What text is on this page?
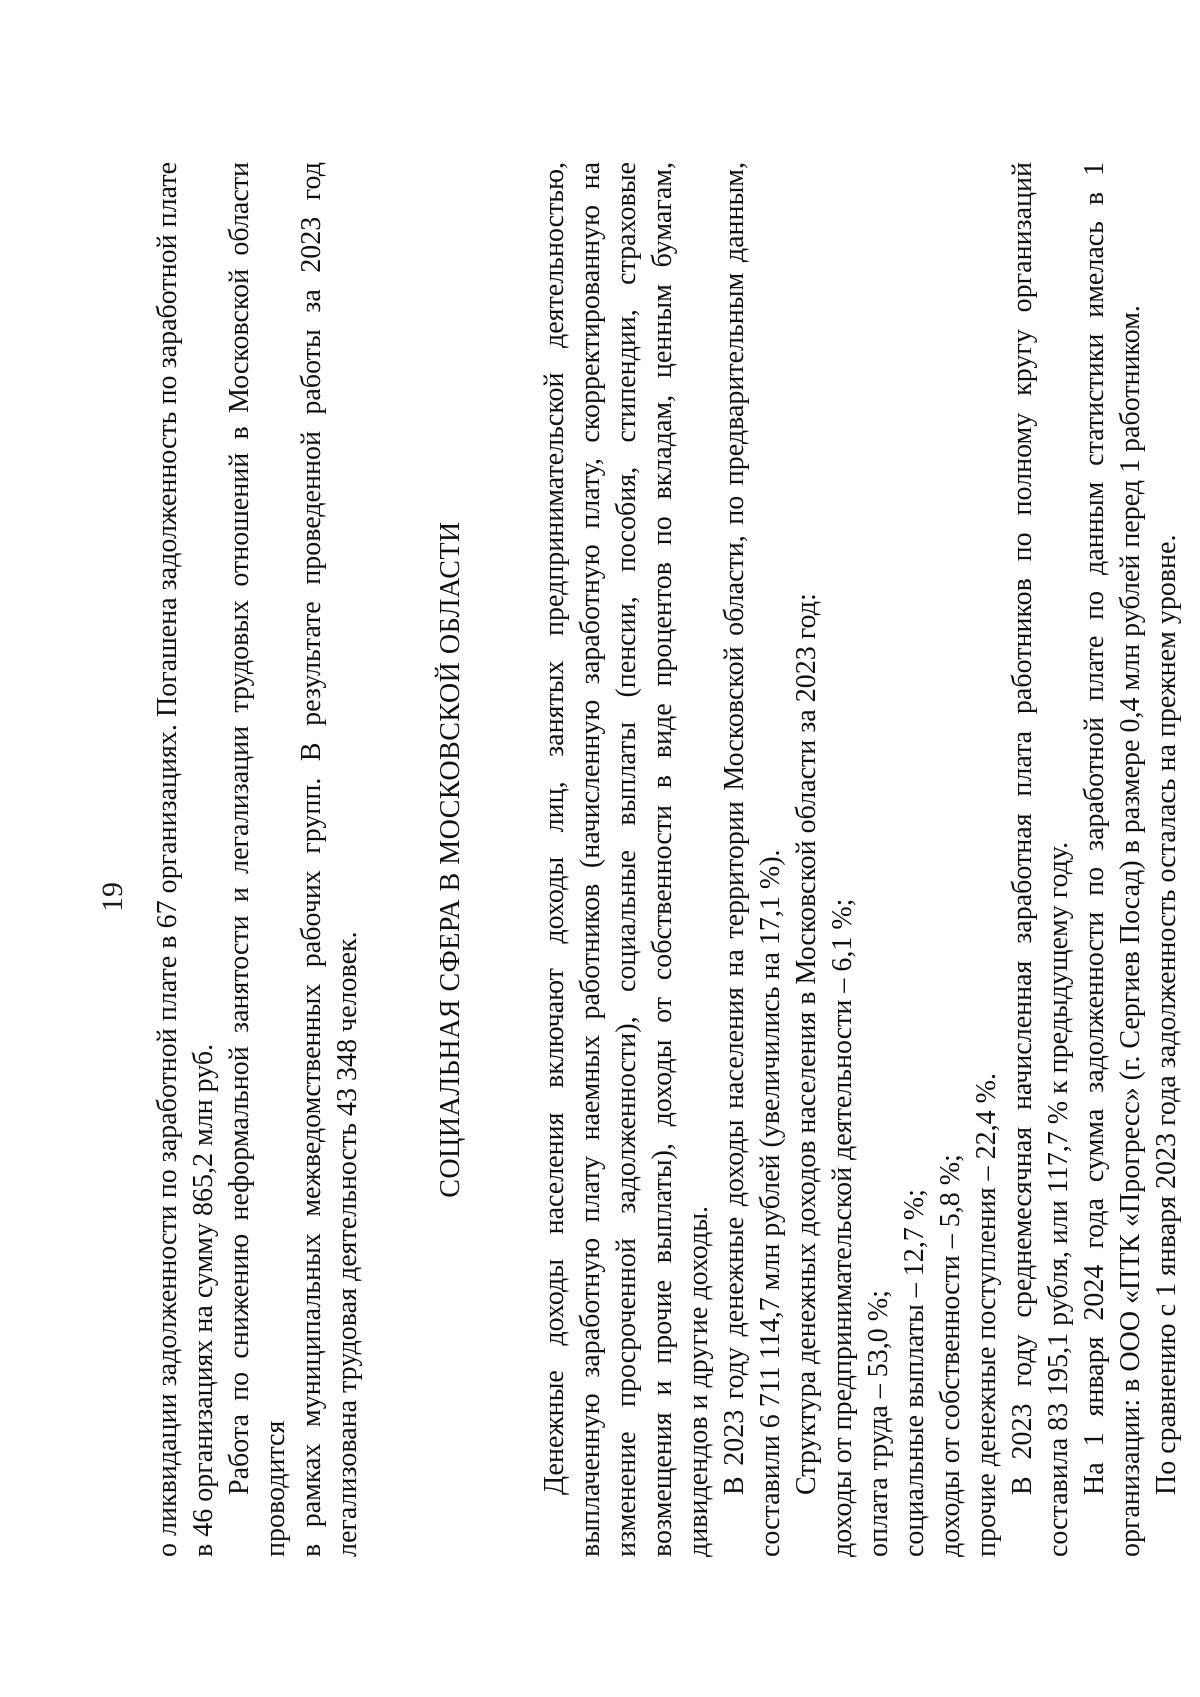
19 о ликвидации задолженности по заработной плате в 67 организациях. Погашена задолженность по заработной плате в 46 организациях на сумму 865,2 млн руб. Работа по снижению неформальной занятости и легализации трудовых отношений в Московской области проводится в рамках муниципальных межведомственных рабочих групп. В результате проведенной работы за 2023 год легализована трудовая деятельность 43 348 человек.

СОЦИАЛЬНАЯ СФЕРА В МОСКОВСКОЙ ОБЛАСТИ	Денежные доходы населения включают доходы лиц, занятых предпринимательской деятельностью, выплаченную заработную плату наемных работников (начисленную заработную плату, скорректированную на изменение просроченной задолженности), социальные выплаты (пенсии, пособия, стипендии, страховые возмещения и прочие выплаты), доходы от собственности в виде процентов по вкладам, ценным бумагам, дивидендов и другие доходы. В 2023 году денежные доходы населения на территории Московской области, по предварительным данным, составили 6 711 114,7 млн рублей (увеличились на 17,1 %). Структура денежных доходов населения в Московской области за 2023 год: доходы от предпринимательской деятельности – 6,1 %; оплата труда – 53,0 %; социальные выплаты – 12,7 %; доходы от собственности – 5,8 %; прочие денежные поступления – 22,4 %. В 2023 году среднемесячная начисленная заработная плата работников по полному кругу организаций составила 83 195,1 рубля, или 117,7 % к предыдущему году. На 1 января 2024 года сумма задолженности по заработной плате по данным статистики имелась в 1 организации: в ООО «ПТК «Прогресс» (г. Сергиев Посад) в размере 0,4 млн рублей перед 1 работником. По сравнению с 1 января 2023 года задолженность осталась на прежнем уровне.
